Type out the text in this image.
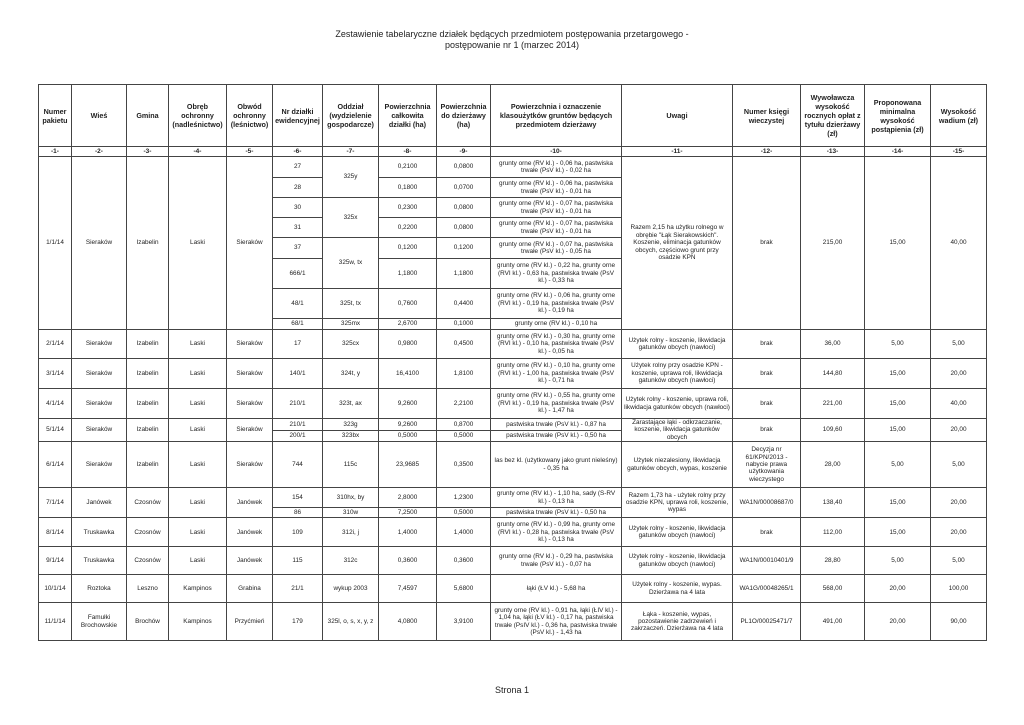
Zestawienie tabelaryczne działek będących przedmiotem postępowania przetargowego -
postępowanie nr 1 (marzec 2014)
Numer pakietu	Wieś	Gmina	Obręb ochronny (nadleśnictwo)	Obwód ochronny (leśnictwo)	Nr działki ewidencyjnej	Oddział (wydzielenie gospodarcze)	Powierzchnia całkowita działki (ha)	Powierzchnia do dzierżawy (ha)	Powierzchnia i oznaczenie klasoużytków gruntów będących przedmiotem dzierżawy	Uwagi	Numer księgi wieczystej	Wywoławcza wysokość rocznych opłat z tytułu dzierżawy (zł)	Proponowana minimalna wysokość postąpienia (zł)	Wysokość wadium (zł)
-1-	-2-	-3-	-4-	-5-	-6-	-7-	-8-	-9-	-10-	-11-	-12-	-13-	-14-	-15-
1/1/14	Sieraków	Izabelin	Laski	Sieraków	27	325y	0,2100	0,0800	grunty orne (RV kl.) - 0,06 ha, pastwiska trwałe (PsV kl.) - 0,02 ha	Razem 2,15 ha użytku rolnego w obrębie "Łąk Sierakowskich". Koszenie, eliminacja gatunków obcych, częściowo grunt przy osadzie KPN	brak	215,00	15,00	40,00
					28		0,1800	0,0700	grunty orne (RV kl.) - 0,06 ha, pastwiska trwałe (PsV kl.) - 0,01 ha					
					30	325x	0,2300	0,0800	grunty orne (RV kl.) - 0,07 ha, pastwiska trwałe (PsV kl.) - 0,01 ha					
					31		0,2200	0,0800	grunty orne (RV kl.) - 0,07 ha, pastwiska trwałe (PsV kl.) - 0,01 ha					
					37	325w, tx	0,1200	0,1200	grunty orne (RV kl.) - 0,07 ha, pastwiska trwałe (PsV kl.) - 0,05 ha					
					666/1		1,1800	1,1800	grunty orne (RV kl.) - 0,22 ha, grunty orne (RVI kl.) - 0,63 ha, pastwiska trwałe (PsV kl.) - 0,33 ha					
					48/1	325t, tx	0,7600	0,4400	grunty orne (RV kl.) - 0,06 ha, grunty orne (RVI kl.) - 0,19 ha, pastwiska trwałe (PsV kl.) - 0,19 ha					
					68/1	325mx	2,6700	0,1000	grunty orne (RV kl.) - 0,10 ha					
2/1/14	Sieraków	Izabelin	Laski	Sieraków	17	325cx	0,9800	0,4500	grunty orne (RV kl.) - 0,30 ha, grunty orne (RVI kl.) - 0,10 ha, pastwiska trwałe (PsV kl.) - 0,05 ha	Użytek rolny - koszenie, likwidacja gatunków obcych (nawłoci)	brak	36,00	5,00	5,00
3/1/14	Sieraków	Izabelin	Laski	Sieraków	140/1	324t, y	16,4100	1,8100	grunty orne (RV kl.) - 0,10 ha, grunty orne (RVI kl.) - 1,00 ha, pastwiska trwałe (PsV kl.) - 0,71 ha	Użytek rolny przy osadzie KPN - koszenie, uprawa roli, likwidacja gatunków obcych (nawłoci)	brak	144,80	15,00	20,00
4/1/14	Sieraków	Izabelin	Laski	Sieraków	210/1	323t, ax	9,2600	2,2100	grunty orne (RV kl.) - 0,55 ha, grunty orne (RVI kl.) - 0,19 ha, pastwiska trwałe (PsV kl.) - 1,47 ha	Użytek rolny - koszenie, uprawa roli, likwidacja gatunków obcych (nawłoci)	brak	221,00	15,00	40,00
5/1/14	Sieraków	Izabelin	Laski	Sieraków	210/1	323g	9,2600	0,8700	pastwiska trwałe (PsV kl.) - 0,87 ha	Zarastające łąki - odkrzaczanie, koszenie, likwidacja gatunków obcych	brak	109,60	15,00	20,00
					200/1	323bx	0,5000	0,5000	pastwiska trwałe (PsV kl.) - 0,50 ha					
6/1/14	Sieraków	Izabelin	Laski	Sieraków	744	115c	23,9685	0,3500	las bez kl. (użytkowany jako grunt nieleśny) - 0,35 ha	Użytek niezalesiony, likwidacja gatunków obcych, wypas, koszenie	Decyzja nr 61/KPN/2013 - nabycie prawa użytkowania wieczystego	28,00	5,00	5,00
7/1/14	Janówek	Czosnów	Laski	Janówek	154	310hx, by	2,8000	1,2300	grunty orne (RV kl.) - 1,10 ha, sady (S-RV kl.) - 0,13 ha	Razem 1,73 ha - użytek rolny przy osadzie KPN, uprawa roli, koszenie, wypas	WA1N/00008687/0	138,40	15,00	20,00
					86	310w	7,2500	0,5000	pastwiska trwałe (PsV kl.) - 0,50 ha					
8/1/14	Truskawka	Czosnów	Laski	Janówek	109	312i, j	1,4000	1,4000	grunty orne (RV kl.) - 0,99 ha, grunty orne (RVI kl.) - 0,28 ha, pastwiska trwałe (PsV kl.) - 0,13 ha	Użytek rolny - koszenie, likwidacja gatunków obcych (nawłoci)	brak	112,00	15,00	20,00
9/1/14	Truskawka	Czosnów	Laski	Janówek	115	312c	0,3600	0,3600	grunty orne (RV kl.) - 0,29 ha, pastwiska trwałe (PsV kl.) - 0,07 ha	Użytek rolny - koszenie, likwidacja gatunków obcych (nawłoci)	WA1N/00010401/9	28,80	5,00	5,00
10/1/14	Roztoka	Leszno	Kampinos	Grabina	21/1	wykup 2003	7,4597	5,6800	łąki (ŁV kl.) - 5,68 ha	Użytek rolny - koszenie, wypas. Dzierżawa na 4 lata	WA1G/00048265/1	568,00	20,00	100,00
11/1/14	Famułki Brochowskie	Brochów	Kampinos	Przyćmień	179	325l, o, s, x, y, z	4,0800	3,9100	grunty orne (RV kl.) - 0,91 ha, łąki (ŁIV kl.) - 1,04 ha, łąki (ŁV kl.) - 0,17 ha, pastwiska trwałe (PsIV kl.) - 0,36 ha, pastwiska trwałe (PsV kl.) - 1,43 ha	Łąka - koszenie, wypas, pozostawienie zadrzewień i zakrzaczeń. Dzierżawa na 4 lata	PL1O/00025471/7	491,00	20,00	90,00
Strona 1
